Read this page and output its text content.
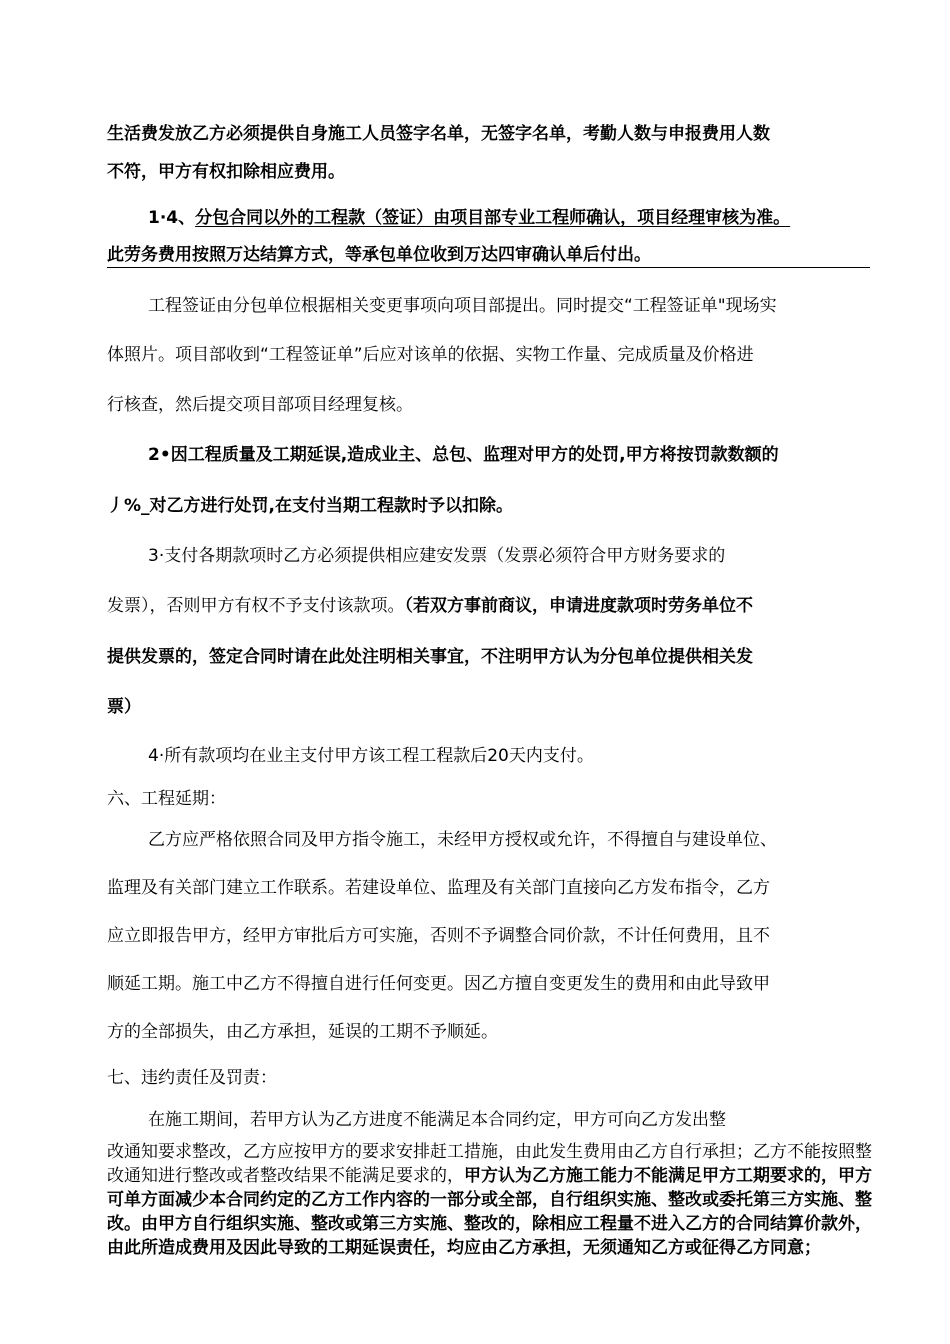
生活费发放乙方必须提供自身施工人员签字名单，无签字名单，考勤人数与申报费用人数
不符，甲方有权扣除相应费用。
1·4、分包合同以外的工程款（签证）由项目部专业工程师确认，项目经理审核为准。
此劳务费用按照万达结算方式，等承包单位收到万达四审确认单后付出。
工程签证由分包单位根据相关变更事项向项目部提出。同时提交“工程签证单"现场实
体照片。项目部收到“工程签证单”后应对该单的依据、实物工作量、完成质量及价格进
行核查，然后提交项目部项目经理复核。
2•因工程质量及工期延误,造成业主、总包、监理对甲方的处罚,甲方将按罚款数额的
丿%_对乙方进行处罚,在支付当期工程款时予以扣除。
3·支付各期款项时乙方必须提供相应建安发票（发票必须符合甲方财务要求的
发票），否则甲方有权不予支付该款项。（若双方事前商议，申请进度款项时劳务单位不
提供发票的，签定合同时请在此处注明相关事宜，不注明甲方认为分包单位提供相关发
票）
4·所有款项均在业主支付甲方该工程工程款后20天内支付。
六、工程延期：
乙方应严格依照合同及甲方指令施工，未经甲方授权或允许，不得擅自与建设单位、
监理及有关部门建立工作联系。若建设单位、监理及有关部门直接向乙方发布指令，乙方
应立即报告甲方，经甲方审批后方可实施，否则不予调整合同价款，不计任何费用，且不
顺延工期。施工中乙方不得擅自进行任何变更。因乙方擅自变更发生的费用和由此导致甲
方的全部损失，由乙方承担，延误的工期不予顺延。
七、违约责任及罚责：
在施工期间，若甲方认为乙方进度不能满足本合同约定，甲方可向乙方发出整
改通知要求整改，乙方应按甲方的要求安排赶工措施，由此发生费用由乙方自行承担；乙方不能按照整改通知进行整改或者整改结果不能满足要求的，甲方认为乙方施工能力不能满足甲方工期要求的，甲方可单方面减少本合同约定的乙方工作内容的一部分或全部，自行组织实施、整改或委托第三方实施、整改。由甲方自行组织实施、整改或第三方实施、整改的，除相应工程量不进入乙方的合同结算价款外，由此所造成费用及因此导致的工期延误责任，均应由乙方承担，无须通知乙方或征得乙方同意；
